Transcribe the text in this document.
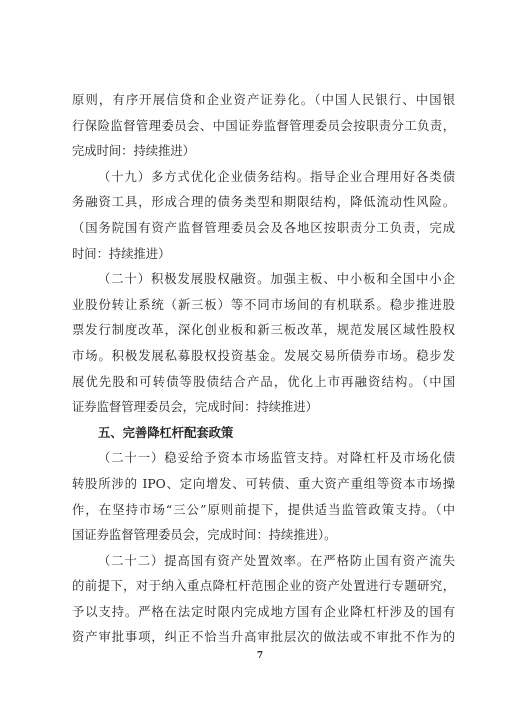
原则，有序开展信贷和企业资产证券化。（中国人民银行、中国银
行保险监督管理委员会、中国证券监督管理委员会按职责分工负责，
完成时间：持续推进）
（十九）多方式优化企业债务结构。指导企业合理用好各类债
务融资工具，形成合理的债务类型和期限结构，降低流动性风险。
（国务院国有资产监督管理委员会及各地区按职责分工负责，完成
时间：持续推进）
（二十）积极发展股权融资。加强主板、中小板和全国中小企
业股份转让系统（新三板）等不同市场间的有机联系。稳步推进股
票发行制度改革，深化创业板和新三板改革，规范发展区域性股权
市场。积极发展私募股权投资基金。发展交易所债券市场。稳步发
展优先股和可转债等股债结合产品，优化上市再融资结构。（中国
证券监督管理委员会，完成时间：持续推进）
五、完善降杠杆配套政策
（二十一）稳妥给予资本市场监管支持。对降杠杆及市场化债
转股所涉的 IPO、定向增发、可转债、重大资产重组等资本市场操
作，在坚持市场“三公”原则前提下，提供适当监管政策支持。（中
国证券监督管理委员会，完成时间：持续推进）。
（二十二）提高国有资产处置效率。在严格防止国有资产流失
的前提下，对于纳入重点降杠杆范围企业的资产处置进行专题研究，
予以支持。严格在法定时限内完成地方国有企业降杠杆涉及的国有
资产审批事项，纠正不恰当升高审批层次的做法或不审批不作为的
7
